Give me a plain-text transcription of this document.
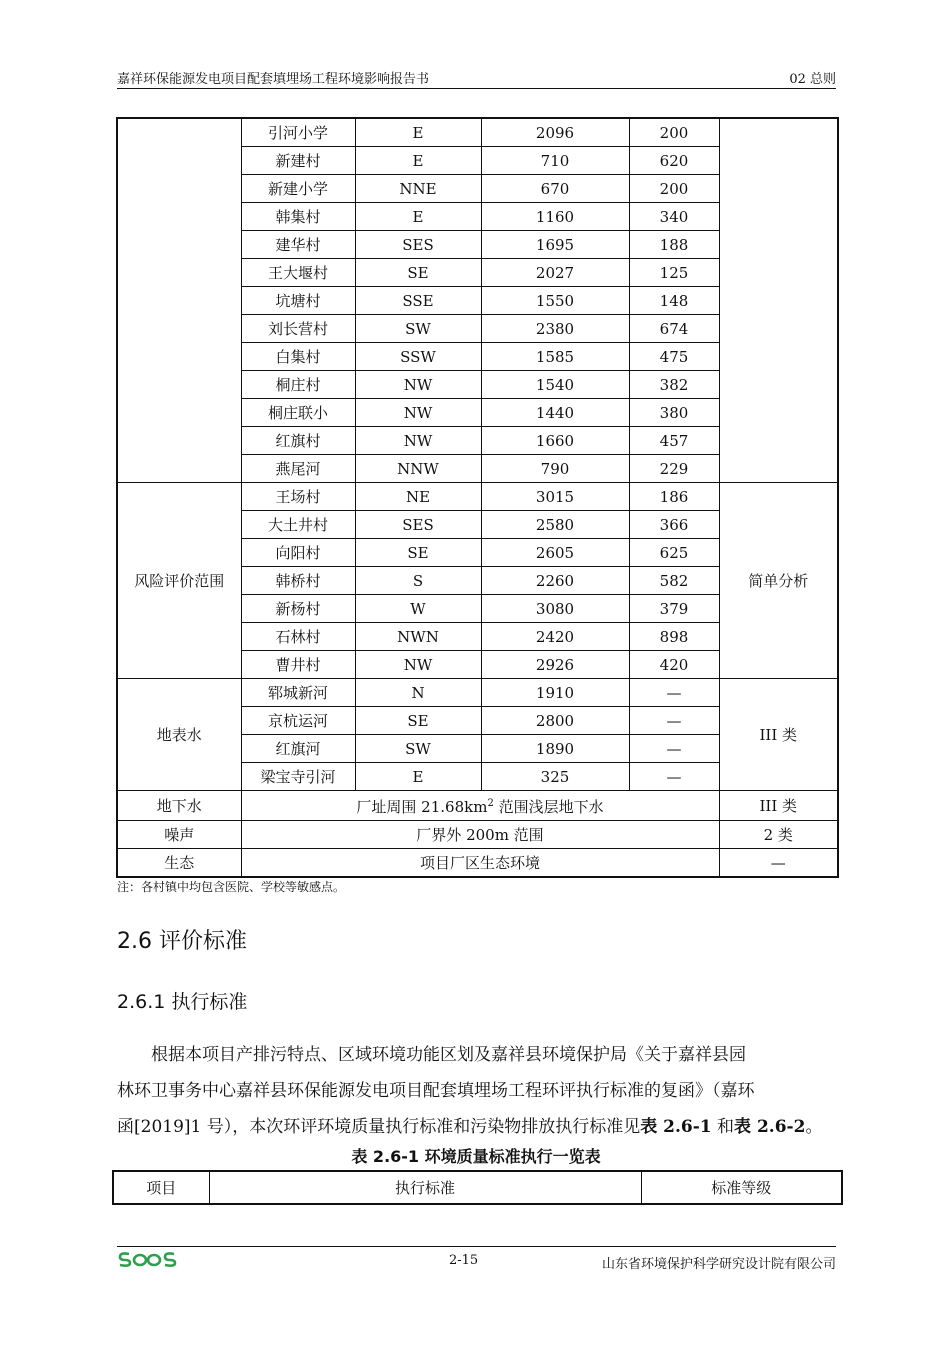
嘉祥环保能源发电项目配套填埋场工程环境影响报告书	02 总则
	引河小学	E	2096	200	
	新建村	E	710	620	
	新建小学	NNE	670	200	
	韩集村	E	1160	340	
	建华村	SES	1695	188	
	王大堰村	SE	2027	125	
	坑塘村	SSE	1550	148	
	刘长营村	SW	2380	674	
	白集村	SSW	1585	475	
	桐庄村	NW	1540	382	
	桐庄联小	NW	1440	380	
	红旗村	NW	1660	457	
	燕尾河	NNW	790	229	
风险评价范围	王场村	NE	3015	186	简单分析
	大土井村	SES	2580	366	
	向阳村	SE	2605	625	
	韩桥村	S	2260	582	
	新杨村	W	3080	379	
	石林村	NWN	2420	898	
	曹井村	NW	2926	420	
地表水	郓城新河	N	1910	—	III 类
	京杭运河	SE	2800	—	
	红旗河	SW	1890	—	
	梁宝寺引河	E	325	—	
地下水	厂址周围 $21.68km^2$ 范围浅层地下水				III 类
噪声	厂界外 200m 范围				2 类
生态	项目厂区生态环境				—
注：各村镇中均包含医院、学校等敏感点。
2.6 评价标准
2.6.1 执行标准

根据本项目产排污特点、区域环境功能区划及嘉祥县环境保护局《关于嘉祥县园

林环卫事务中心嘉祥县环保能源发电项目配套填埋场工程环评执行标准的复函》（嘉环

函[2019]1 号），本次环评环境质量执行标准和污染物排放执行标准见表 2.6-1 和表 2.6-2。

表 2.6-1 环境质量标准执行一览表
项目	执行标准	标准等级
2-15	山东省环境保护科学研究设计院有限公司
